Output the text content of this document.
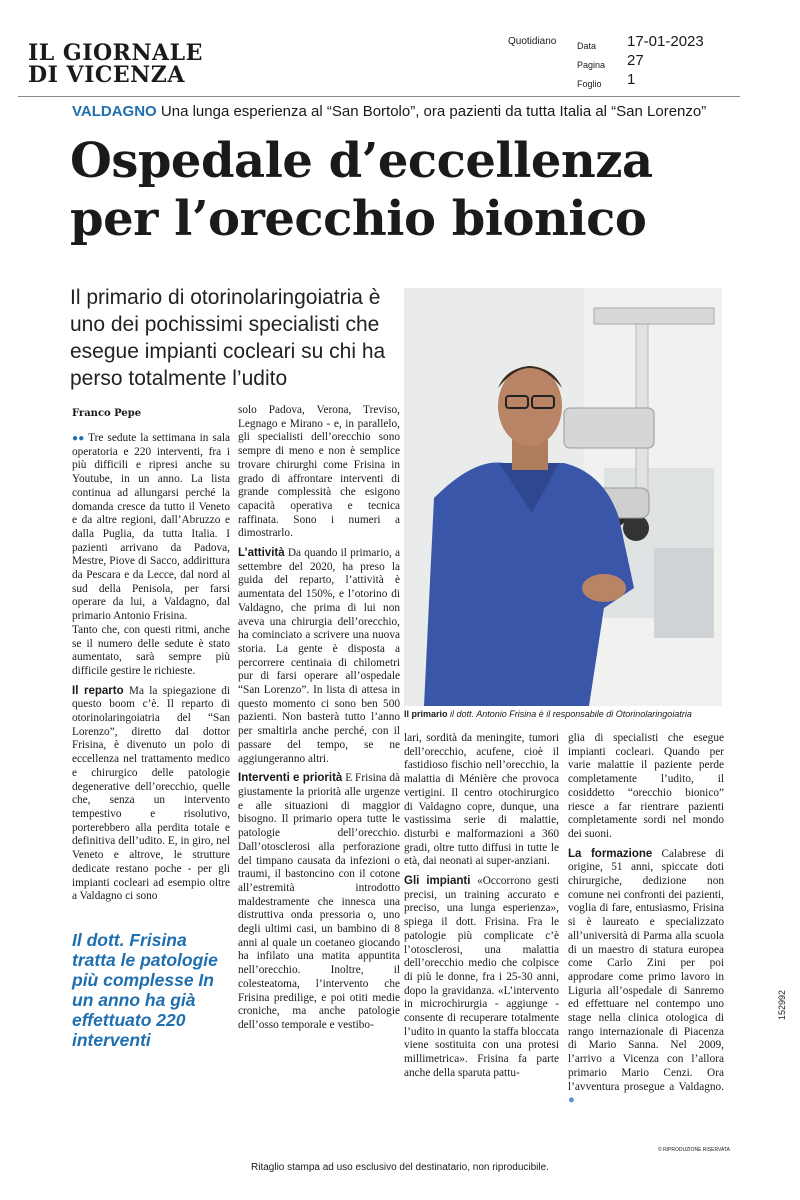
IL GIORNALE
DI VICENZA
Quotidiano Data
Pagina
Foglio
17-01-2023
27
1
VALDAGNO Una lunga esperienza al “San Bortolo”, ora pazienti da tutta Italia al “San Lorenzo”
Ospedale d’eccellenza
per l’orecchio bionico
Il primario di otorinolaringoiatria è uno dei pochissimi specialisti che esegue impianti cocleari su chi ha perso totalmente l’udito
Il primario il dott. Antonio Frisina è il responsabile di Otorinolaringoiatria
Franco Pepe

●● Tre sedute la settimana in sala operatoria e 220 interventi, fra i più difficili e ripresi anche su Youtube, in un anno. La lista continua ad allungarsi perché la domanda cresce da tutto il Veneto e da altre regioni, dall’Abruzzo e dalla Puglia, da tutta Italia. I pazienti arrivano da Padova, Mestre, Piove di Sacco, addirittura da Pescara e da Lecce, dal nord al sud della Penisola, per farsi operare da lui, a Valdagno, dal primario Antonio Frisina.

Tanto che, con questi ritmi, anche se il numero delle sedute è stato aumentato, sarà sempre più difficile gestire le richieste.

Il reparto Ma la spiegazione di questo boom c’è. Il reparto di otorinolaringoiatria del “San Lorenzo”, diretto dal dottor Frisina, è divenuto un polo di eccellenza nel trattamento medico e chirurgico delle patologie degenerative dell’orecchio, quelle che, senza un intervento tempestivo e risolutivo, porterebbero alla perdita totale e definitiva dell’udito. E, in giro, nel Veneto e altrove, le strutture dedicate restano poche - per gli impianti cocleari ad esempio oltre a Valdagno ci sono

Il dott. Frisina tratta le patologie più complesse In un anno ha già effettuato 220 interventi

solo Padova, Verona, Treviso, Legnago e Mirano - e, in parallelo, gli specialisti dell’orecchio sono sempre di meno e non è semplice trovare chirurghi come Frisina in grado di affrontare interventi di grande complessità che esigono capacità operativa e tecnica raffinata. Sono i numeri a dimostrarlo.

L’attività Da quando il primario, a settembre del 2020, ha preso la guida del reparto, l’attività è aumentata del 150%, e l’otorino di Valdagno, che prima di lui non aveva una chirurgia dell’orecchio, ha cominciato a scrivere una nuova storia. La gente è disposta a percorrere centinaia di chilometri pur di farsi operare all’ospedale “San Lorenzo”. In lista di attesa in questo momento ci sono ben 500 pazienti. Non basterà tutto l’anno per smaltirla anche perché, con il passare del tempo, se ne aggiungeranno altri.

Interventi e priorità E Frisina dà giustamente la priorità alle urgenze e alle situazioni di maggior bisogno. Il primario opera tutte le patologie dell’orecchio. Dall’otosclerosi alla perforazione del timpano causata da infezioni o traumi, il bastoncino con il cotone all’estremità introdotto maldestramente che innesca una distruttiva onda pressoria o, uno degli ultimi casi, un bambino di 8 anni al quale un coetaneo giocando ha infilato una matita appuntita nell’orecchio. Inoltre, il colesteatoma, l’intervento che Frisina predilige, e poi otiti medie croniche, ma anche patologie dell’osso temporale e vestibo-

lari, sordità da meningite, tumori dell’orecchio, acufene, cioè il fastidioso fischio nell’orecchio, la malattia di Ménière che provoca vertigini. Il centro otochirurgico di Valdagno copre, dunque, una vastissima serie di malattie, disturbi e malformazioni a 360 gradi, oltre tutto diffusi in tutte le età, dai neonati ai super-anziani.

Gli impianti «Occorrono gesti precisi, un training accurato e preciso, una lunga esperienza», spiega il dott. Frisina. Fra le patologie più complicate c’è l’otosclerosi, una malattia dell’orecchio medio che colpisce di più le donne, fra i 25-30 anni, dopo la gravidanza. «L’intervento in microchirurgia - aggiunge - consente di recuperare totalmente l’udito in quanto la staffa bloccata viene sostituita con una protesi millimetrica». Frisina fa parte anche della sparuta pattu-

glia di specialisti che esegue impianti cocleari. Quando per varie malattie il paziente perde completamente l’udito, il cosiddetto “orecchio bionico” riesce a far rientrare pazienti completamente sordi nel mondo dei suoni.

La formazione Calabrese di origine, 51 anni, spiccate doti chirurgiche, dedizione non comune nei confronti dei pazienti, voglia di fare, entusiasmo, Frisina si è laureato e specializzato all’università di Parma alla scuola di un maestro di statura europea come Carlo Zini per poi approdare come primo lavoro in Liguria all’ospedale di Sanremo ed effettuare nel contempo uno stage nella clinica otologica di rango internazionale di Piacenza di Mario Sanna. Nel 2009, l’arrivo a Vicenza con l’allora primario Mario Cenzi. Ora l’avventura prosegue a Valdagno. ●

© RIPRODUZIONE RISERVATA
152992
Ritaglio stampa ad uso esclusivo del destinatario, non riproducibile.
